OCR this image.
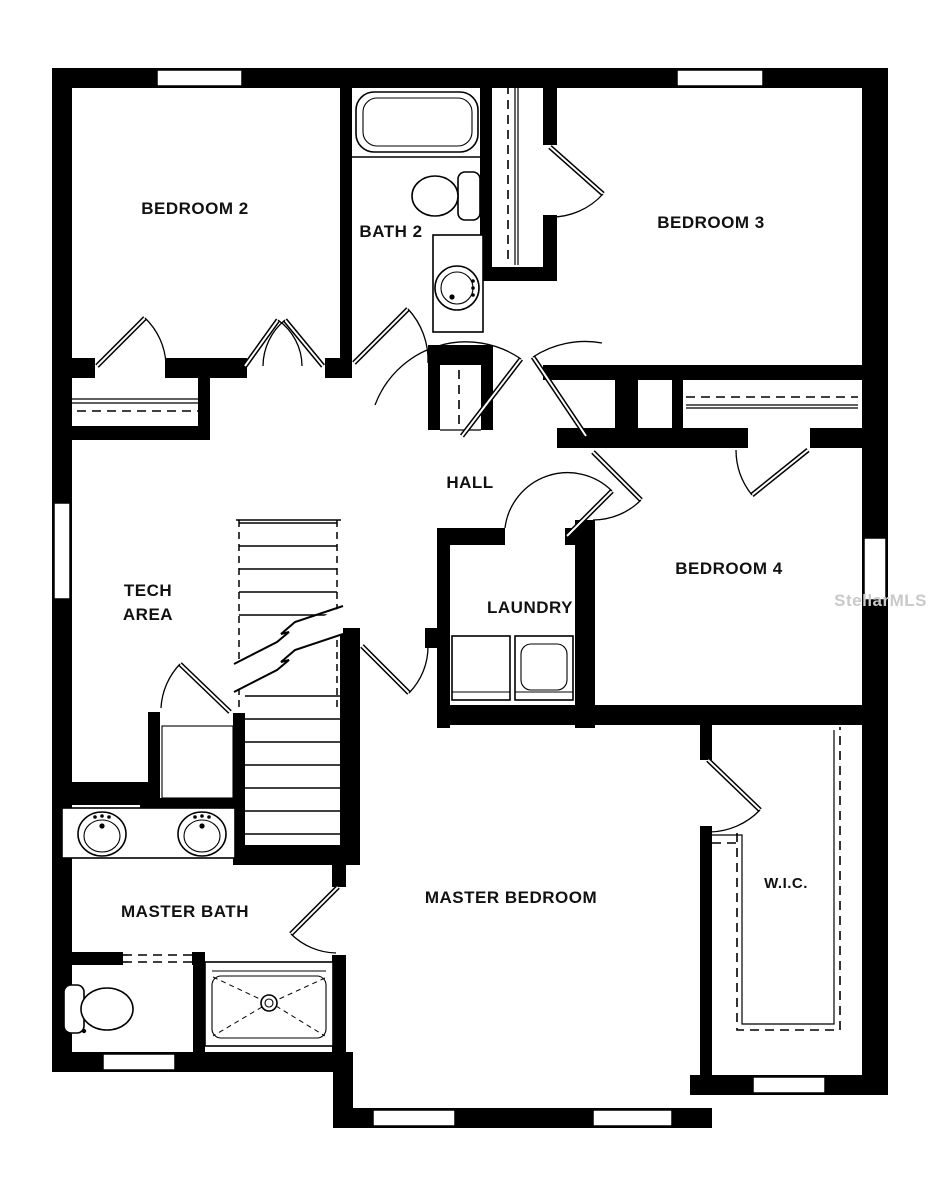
BEDROOM 2
BATH 2	BEDROOM 3
HALL
TECH
AREA	LAUNDRY
BEDROOM 4
MASTER BATH
MASTER BEDROOM
W.I.C.
StellarMLS
